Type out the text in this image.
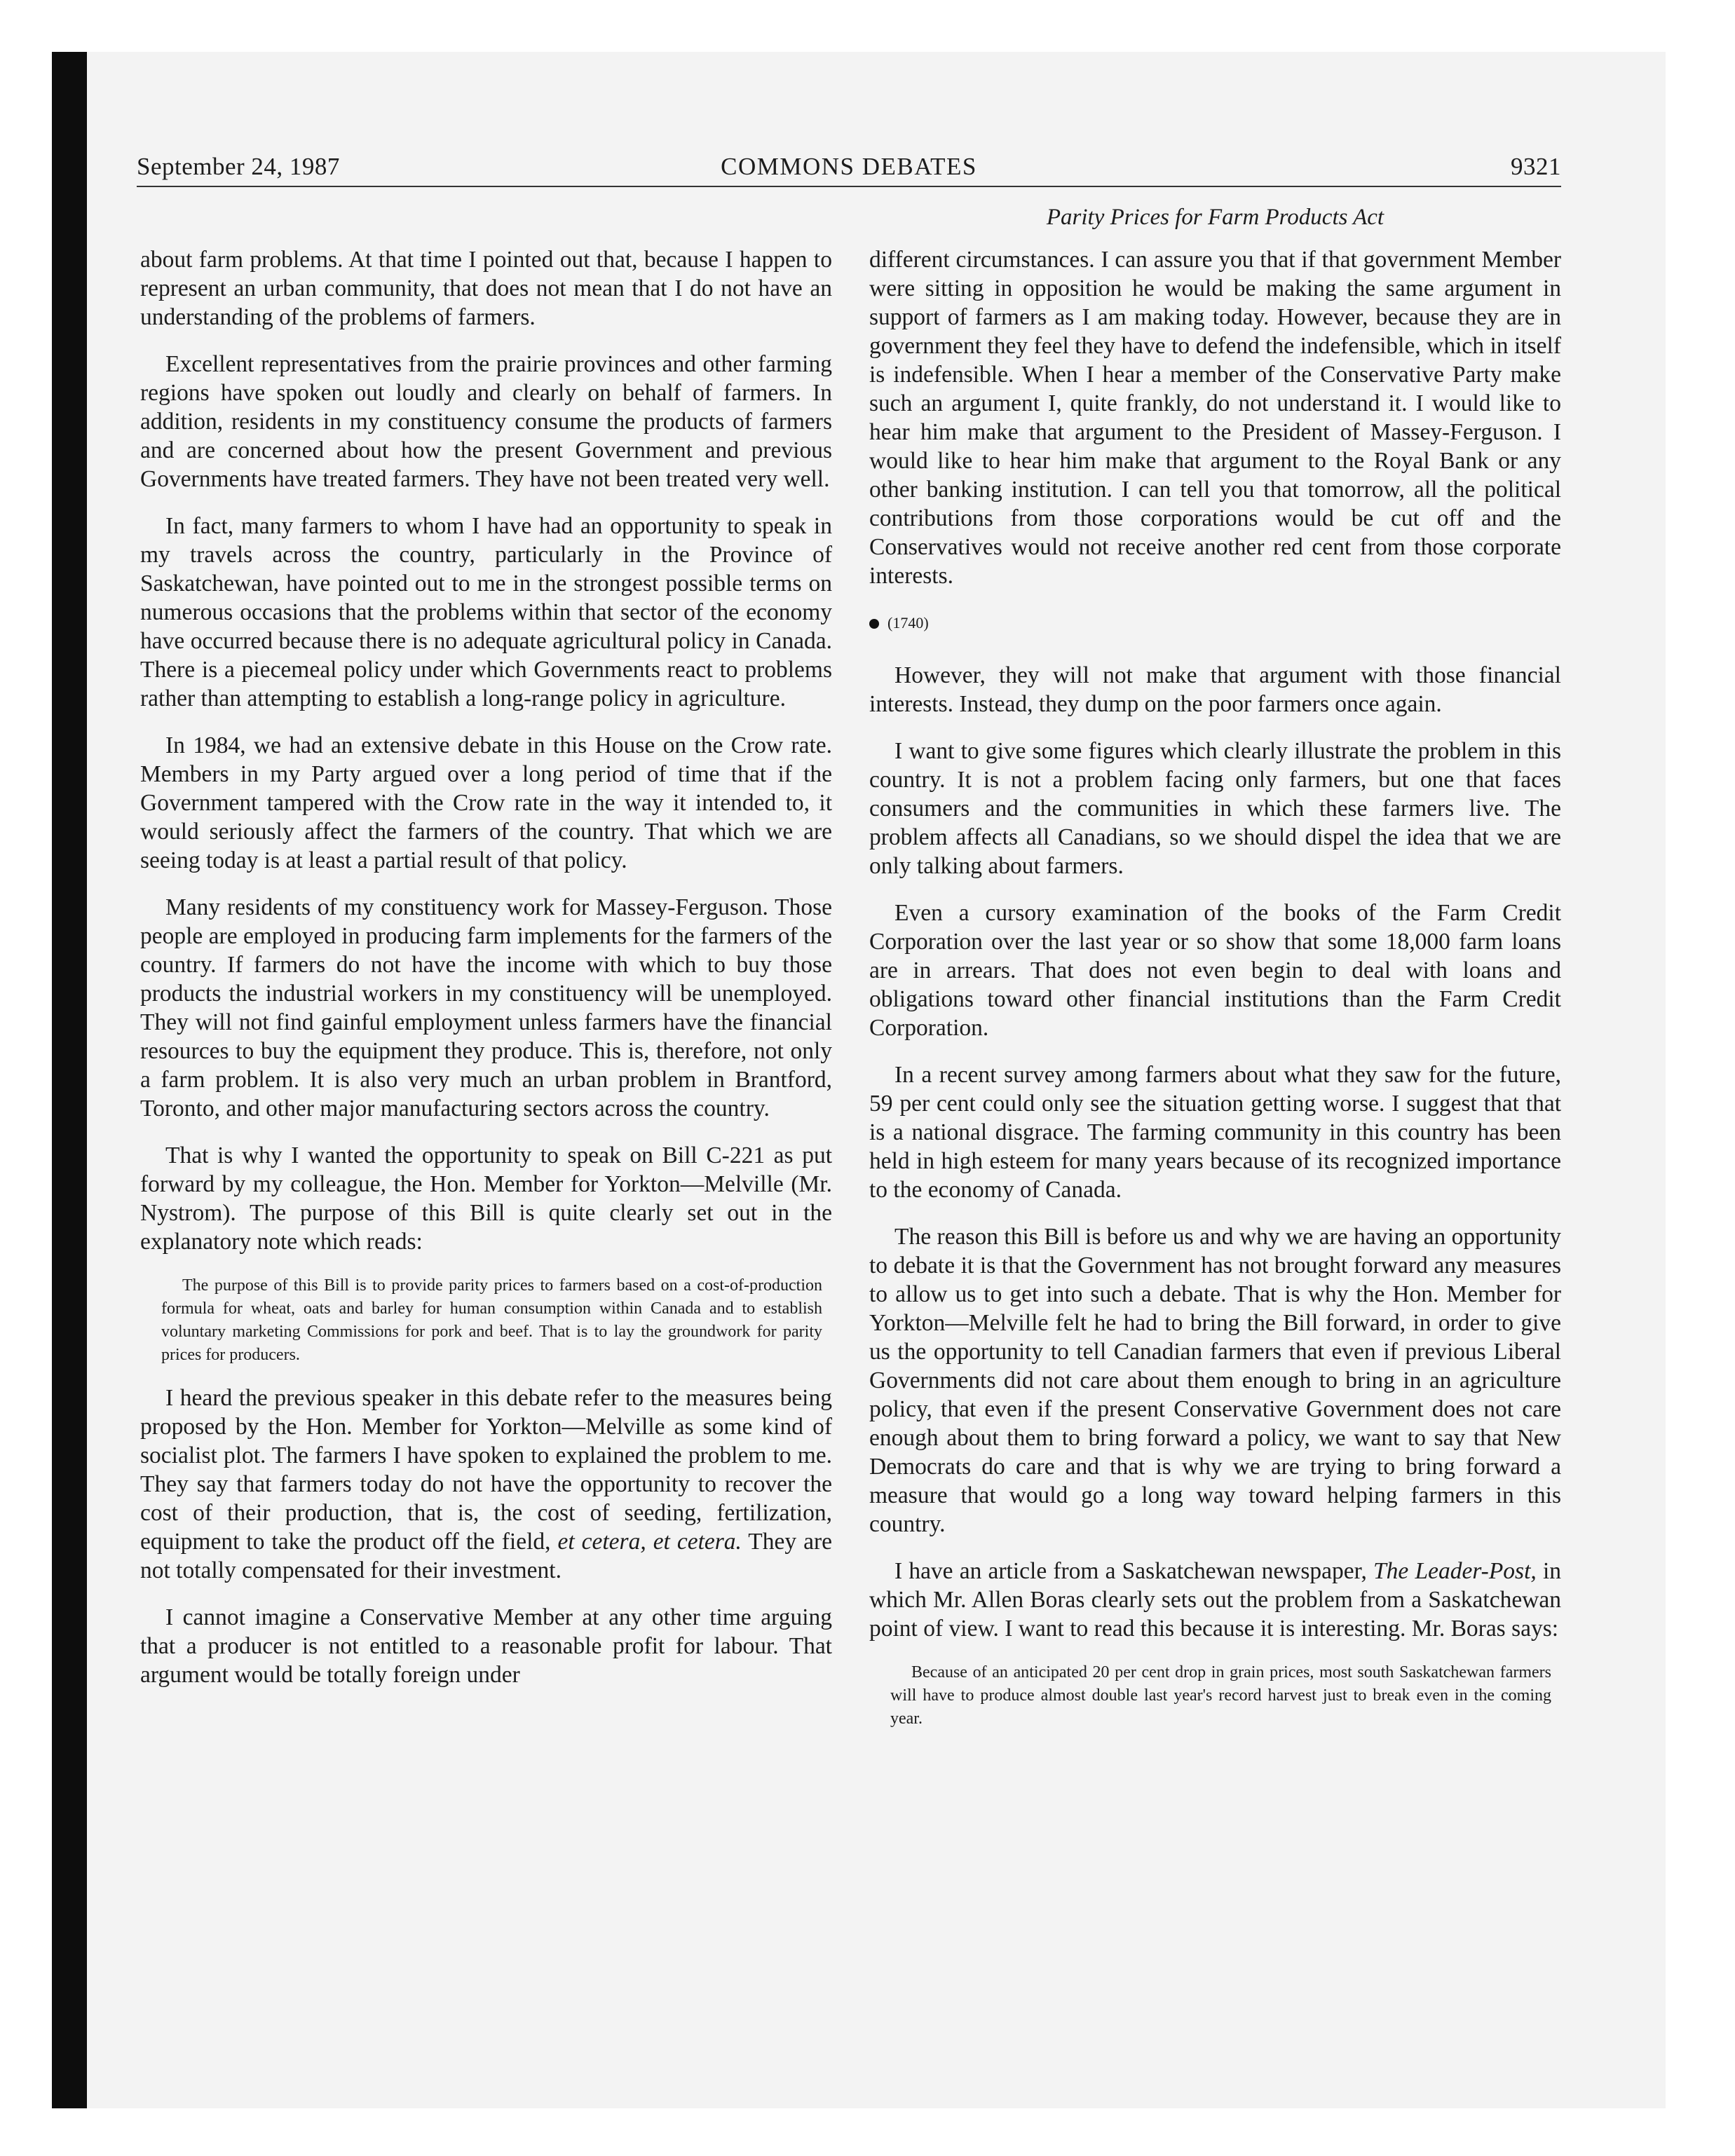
September 24, 1987	COMMONS DEBATES	9321
Parity Prices for Farm Products Act

about farm problems. At that time I pointed out that, because I happen to represent an urban community, that does not mean that I do not have an understanding of the problems of farmers.

Excellent representatives from the prairie provinces and other farming regions have spoken out loudly and clearly on behalf of farmers. In addition, residents in my constituency consume the products of farmers and are concerned about how the present Government and previous Governments have treated farmers. They have not been treated very well.

In fact, many farmers to whom I have had an opportunity to speak in my travels across the country, particularly in the Province of Saskatchewan, have pointed out to me in the strongest possible terms on numerous occasions that the problems within that sector of the economy have occurred because there is no adequate agricultural policy in Canada. There is a piecemeal policy under which Governments react to problems rather than attempting to establish a long-range policy in agriculture.

In 1984, we had an extensive debate in this House on the Crow rate. Members in my Party argued over a long period of time that if the Government tampered with the Crow rate in the way it intended to, it would seriously affect the farmers of the country. That which we are seeing today is at least a partial result of that policy.

Many residents of my constituency work for Massey-Ferguson. Those people are employed in producing farm implements for the farmers of the country. If farmers do not have the income with which to buy those products the industrial workers in my constituency will be unemployed. They will not find gainful employment unless farmers have the financial resources to buy the equipment they produce. This is, therefore, not only a farm problem. It is also very much an urban problem in Brantford, Toronto, and other major manufacturing sectors across the country.

That is why I wanted the opportunity to speak on Bill C-221 as put forward by my colleague, the Hon. Member for Yorkton—Melville (Mr. Nystrom). The purpose of this Bill is quite clearly set out in the explanatory note which reads:

The purpose of this Bill is to provide parity prices to farmers based on a cost-of-production formula for wheat, oats and barley for human consumption within Canada and to establish voluntary marketing Commissions for pork and beef. That is to lay the groundwork for parity prices for producers.

I heard the previous speaker in this debate refer to the measures being proposed by the Hon. Member for Yorkton—Melville as some kind of socialist plot. The farmers I have spoken to explained the problem to me. They say that farmers today do not have the opportunity to recover the cost of their production, that is, the cost of seeding, fertilization, equipment to take the product off the field, et cetera, et cetera. They are not totally compensated for their investment.

I cannot imagine a Conservative Member at any other time arguing that a producer is not entitled to a reasonable profit for labour. That argument would be totally foreign under

different circumstances. I can assure you that if that government Member were sitting in opposition he would be making the same argument in support of farmers as I am making today. However, because they are in government they feel they have to defend the indefensible, which in itself is indefensible. When I hear a member of the Conservative Party make such an argument I, quite frankly, do not understand it. I would like to hear him make that argument to the President of Massey-Ferguson. I would like to hear him make that argument to the Royal Bank or any other banking institution. I can tell you that tomorrow, all the political contributions from those corporations would be cut off and the Conservatives would not receive another red cent from those corporate interests.

(1740)

However, they will not make that argument with those financial interests. Instead, they dump on the poor farmers once again.

I want to give some figures which clearly illustrate the problem in this country. It is not a problem facing only farmers, but one that faces consumers and the communities in which these farmers live. The problem affects all Canadians, so we should dispel the idea that we are only talking about farmers.

Even a cursory examination of the books of the Farm Credit Corporation over the last year or so show that some 18,000 farm loans are in arrears. That does not even begin to deal with loans and obligations toward other financial institutions than the Farm Credit Corporation.

In a recent survey among farmers about what they saw for the future, 59 per cent could only see the situation getting worse. I suggest that that is a national disgrace. The farming community in this country has been held in high esteem for many years because of its recognized importance to the economy of Canada.

The reason this Bill is before us and why we are having an opportunity to debate it is that the Government has not brought forward any measures to allow us to get into such a debate. That is why the Hon. Member for Yorkton—Melville felt he had to bring the Bill forward, in order to give us the opportunity to tell Canadian farmers that even if previous Liberal Governments did not care about them enough to bring in an agriculture policy, that even if the present Conservative Government does not care enough about them to bring forward a policy, we want to say that New Democrats do care and that is why we are trying to bring forward a measure that would go a long way toward helping farmers in this country.

I have an article from a Saskatchewan newspaper, The Leader-Post, in which Mr. Allen Boras clearly sets out the problem from a Saskatchewan point of view. I want to read this because it is interesting. Mr. Boras says:

Because of an anticipated 20 per cent drop in grain prices, most south Saskatchewan farmers will have to produce almost double last year's record harvest just to break even in the coming year.
